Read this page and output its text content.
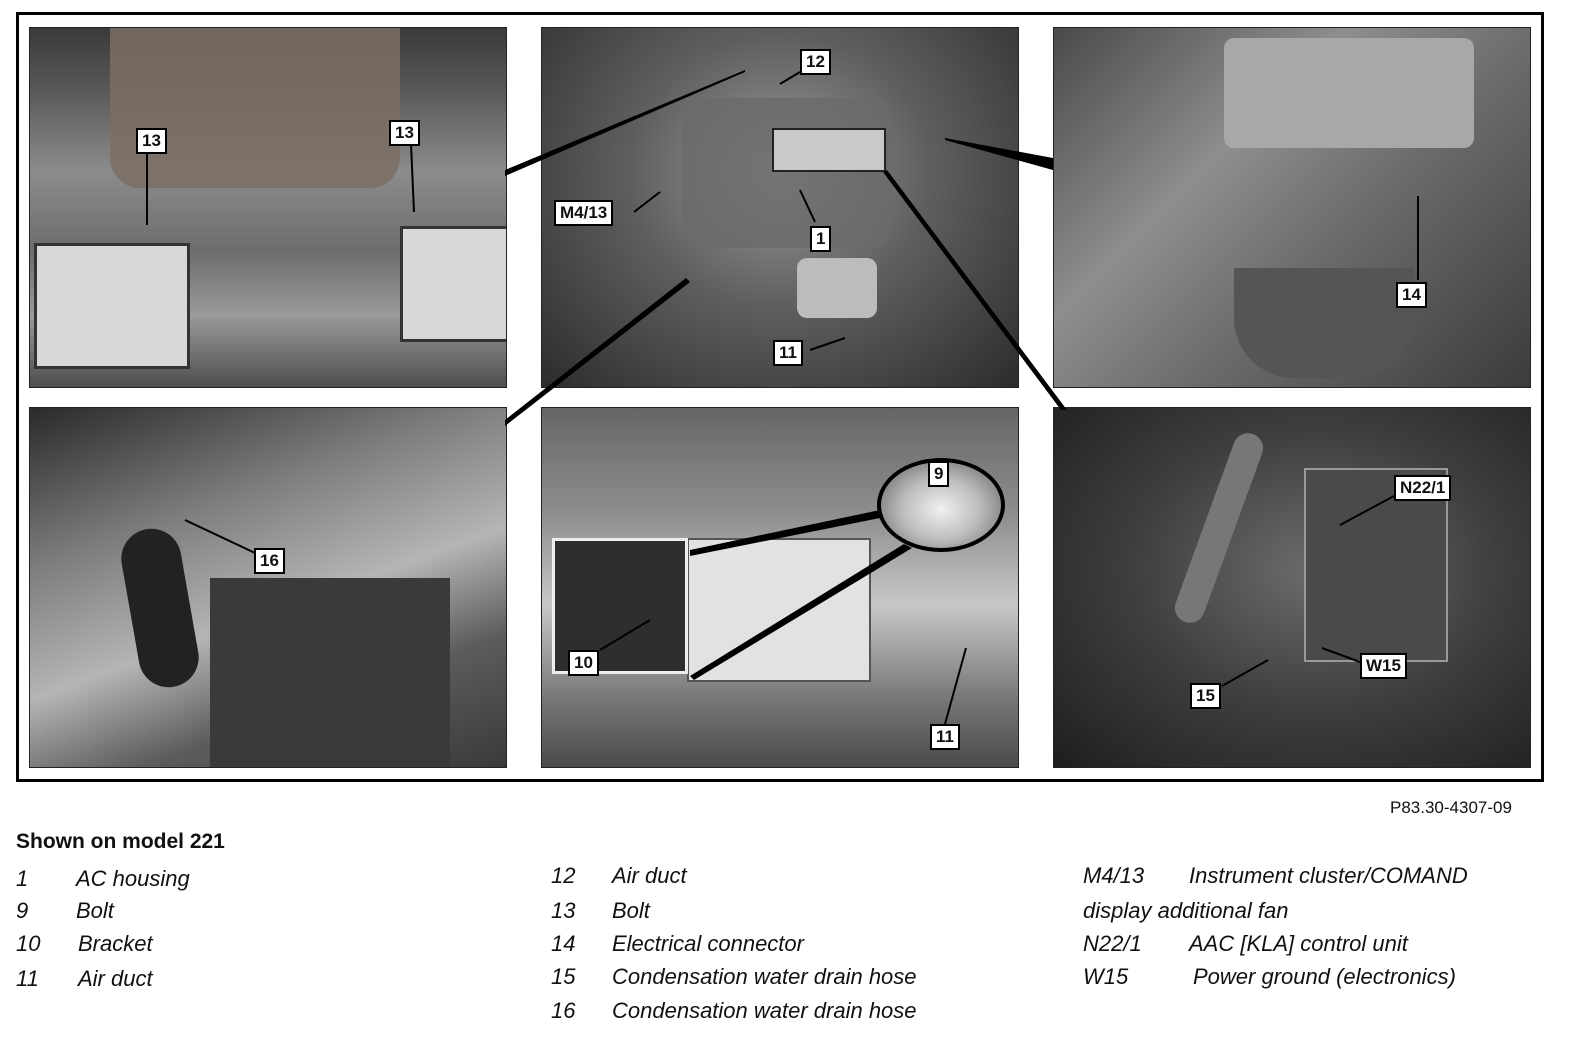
13	13
12
M4/13
1
11
14
16
9
10
11
N22/1
W15
15
P83.30-4307-09
Shown on model 221
1 AC housing
9 Bolt
10 Bracket
11 Air duct
12 Air duct
13 Bolt
14 Electrical connector
15 Condensation water drain hose
16 Condensation water drain hose
M4/13 Instrument cluster/COMAND
display additional fan
N22/1 AAC [KLA] control unit
W15	Power ground (electronics)
